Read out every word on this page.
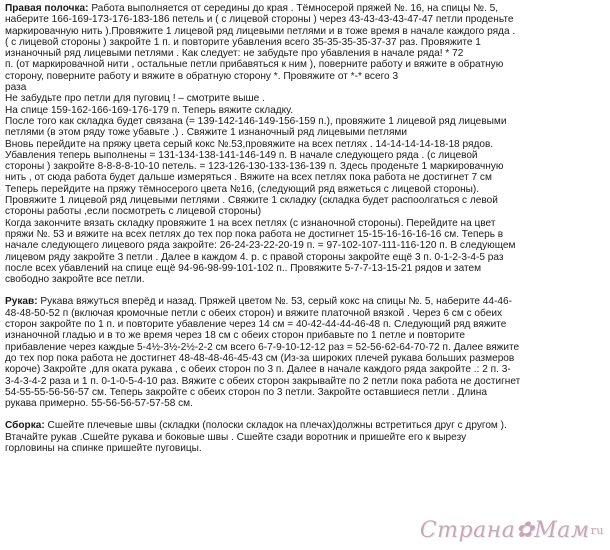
Правая полочка: Работа выполняется от середины до края . Тёмносерой пряжей №. 16, на спицы №. 5,
наберите 166-169-173-176-183-186 петель и ( с лицевой стороны ) через 43-43-43-43-47-47 петли проденьте
маркировачную нить ).Провяжите 1 лицевой ряд лицевыми петлями и в тоже время в начале каждого ряда .
( с лицевой стороны ) закройте 1 п. и повторите убавления всего 35-35-35-35-37-37 раз. Провяжите 1
изнаночный ряд лицевыми петлями . Как следует: не забудьте про убавления в начале ряда! * 72
п. (от маркировачной нити , остальные петли прибавяться к ним ), поверните работу и вяжите в обратную
сторону, поверните работу и вяжите в обратную сторону *. Провяжите от *-* всего 3
раза
Не забудьте про петли для пуговиц ! – смотрите выше .
На спице 159-162-166-169-176-179 п. Теперь вяжите складку.
После того как складка будет связана (= 139-142-146-149-156-159 п.), провяжите 1 лицевой ряд лицевыми
петлями (в этом ряду тоже убавьте .) . Свяжите 1 изнаночный ряд лицевыми петлями
Вновь перейдите на пряжу цвета серый кокс №.53,провяжите на всех петлях . 14-14-14-14-18-18 рядов.
Убавления теперь выполнены = 131-134-138-141-146-149 п. В начале следующего ряда . (с лицевой
стороны ) закройте 8-8-8-8-10-10 петель. = 123-126-130-133-136-139 п. Здесь проденьте 1 маркировачную
нить , от сюда работа будет дальше измеряться . Вяжите на всех петлях пока работа не достигнет 7 см
Теперь перейдите на пряжу тёмносерого цвета №16, (следующий ряд вяжеться с лицевой стороны).
Провяжите 1 лицевой ряд лицевыми петлями . Свяжите 1 складку (складка будет распоолгаться с левой
стороны работы ,если посмотреть с лицевой стороны)
Когда закончите вязать складку провяжите 1 на всех петлях (с изнаночной стороны). Перейдите на цвет
пряжи №. 53 и вяжите на всех петлях до тех пор пока работа не достигнет 15-15-16-16-16-16 см. Теперь в
начале следующего лицевого ряда закройте: 26-24-23-22-20-19 п. = 97-102-107-111-116-120 п. В следующем
лицевом ряду закройте 3 петли . Далее в каждом 4. р. с правой стороны закройте ещё 3 п. 0-1-2-3-4-5 раз
после всех убавлений на спице ещё 94-96-98-99-101-102 п.. Провяжите 5-7-7-13-15-21 рядов и затем
свободно закройте все петли.
Рукав: Рукава вяжуться вперёд и назад. Пряжей цветом №. 53, серый кокс на спицы №. 5, наберите 44-46-
48-48-50-52 п (включая кромочные петли с обеих сторон) и вяжите платочной вязкой . Через 6 см с обеих
сторон закройте по 1 п. и повторите убавление через 14 см = 40-42-44-44-46-48 п. Следующий ряд вяжите
изнаночной гладью и в то же время через 18 см с обеих сторон прибавьте по 1 петле и повторите
прибавление через каждые 5-4½-3½-2½-2-2 см всего 6-7-9-10-12-12 раз = 52-56-62-64-70-72 п. Далее вяжите
до тех пор пока работа не достигнет 48-48-48-46-45-43 см (Из-за широких плечей рукава больших размеров
короче) Закройте ,для оката рукава , с обеих сторон по 3 п. Далее в начале каждого ряда закройте .: 2 п. 3-
3-4-3-4-2 раза и 1 п. 0-1-0-5-4-10 раз. Вяжите с обеих сторон закрывайте по 2 петли пока работа не достигнет
54-55-55-56-56-57 см. Теперь закройте с обеих сторон по 3 петли. Закройте оставшиеся петли . Длина
рукава примерно. 55-56-56-57-57-58 см.
Сборка: Сшейте плечевые швы (складки (полоски складок на плечах)должны встретиться друг с другом ).
Втачайте рукав .Сшейте рукава и боковые швы . Сшейте сзади воротник и пришейте его к вырезу
горловины на спинке пришейте пуговицы.
Страна✿Мам$^{ru}$
